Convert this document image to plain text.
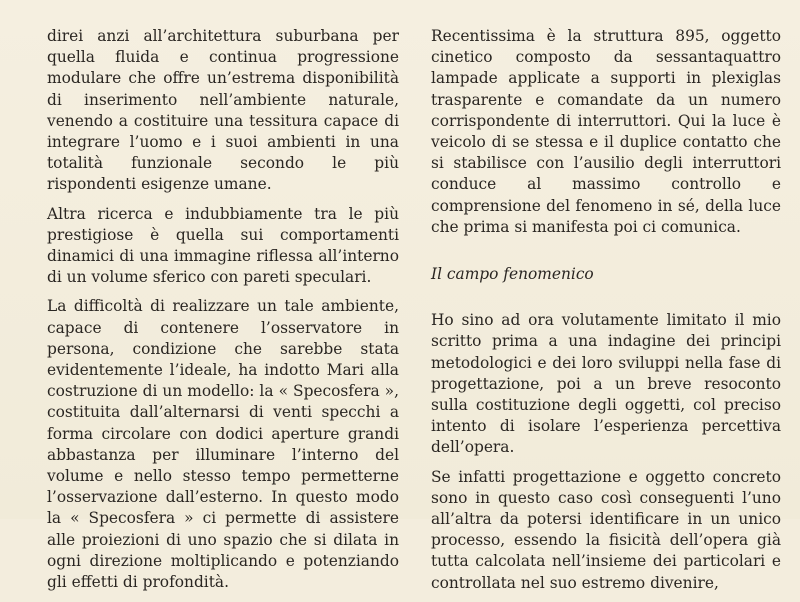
direi anzi all’architettura suburbana per quella fluida e continua progressione modulare che offre un’estrema disponibilità di inserimento nell’ambiente naturale, venendo a costituire una tessitura capace di integrare l’uomo e i suoi ambienti in una totalità funzionale secondo le più rispondenti esigenze umane.

Altra ricerca e indubbiamente tra le più prestigiose è quella sui comportamenti dinamici di una immagine riflessa all’interno di un volume sferico con pareti speculari.

La difficoltà di realizzare un tale ambiente, capace di contenere l’osservatore in persona, condizione che sarebbe stata evidentemente l’ideale, ha indotto Mari alla costruzione di un modello: la « Specosfera », costituita dall’alternarsi di venti specchi a forma circolare con dodici aperture grandi abbastanza per illuminare l’interno del volume e nello stesso tempo permetterne l’osservazione dall’esterno. In questo modo la « Specosfera » ci permette di assistere alle proiezioni di uno spazio che si dilata in ogni direzione moltiplicando e potenziando gli effetti di profondità.

Recentissima è la struttura 895, oggetto cinetico composto da sessantaquattro lampade applicate a supporti in plexiglas trasparente e comandate da un numero corrispondente di interruttori. Qui la luce è veicolo di se stessa e il duplice contatto che si stabilisce con l’ausilio degli interruttori conduce al massimo controllo e comprensione del fenomeno in sé, della luce che prima si manifesta poi ci comunica.

Il campo fenomenico

Ho sino ad ora volutamente limitato il mio scritto prima a una indagine dei principi metodologici e dei loro sviluppi nella fase di progettazione, poi a un breve resoconto sulla costituzione degli oggetti, col preciso intento di isolare l’esperienza percettiva dell’opera.

Se infatti progettazione e oggetto concreto sono in questo caso così conseguenti l’uno all’altra da potersi identificare in un unico processo, essendo la fisicità dell’opera già tutta calcolata nell’insieme dei particolari e controllata nel suo estremo divenire,
